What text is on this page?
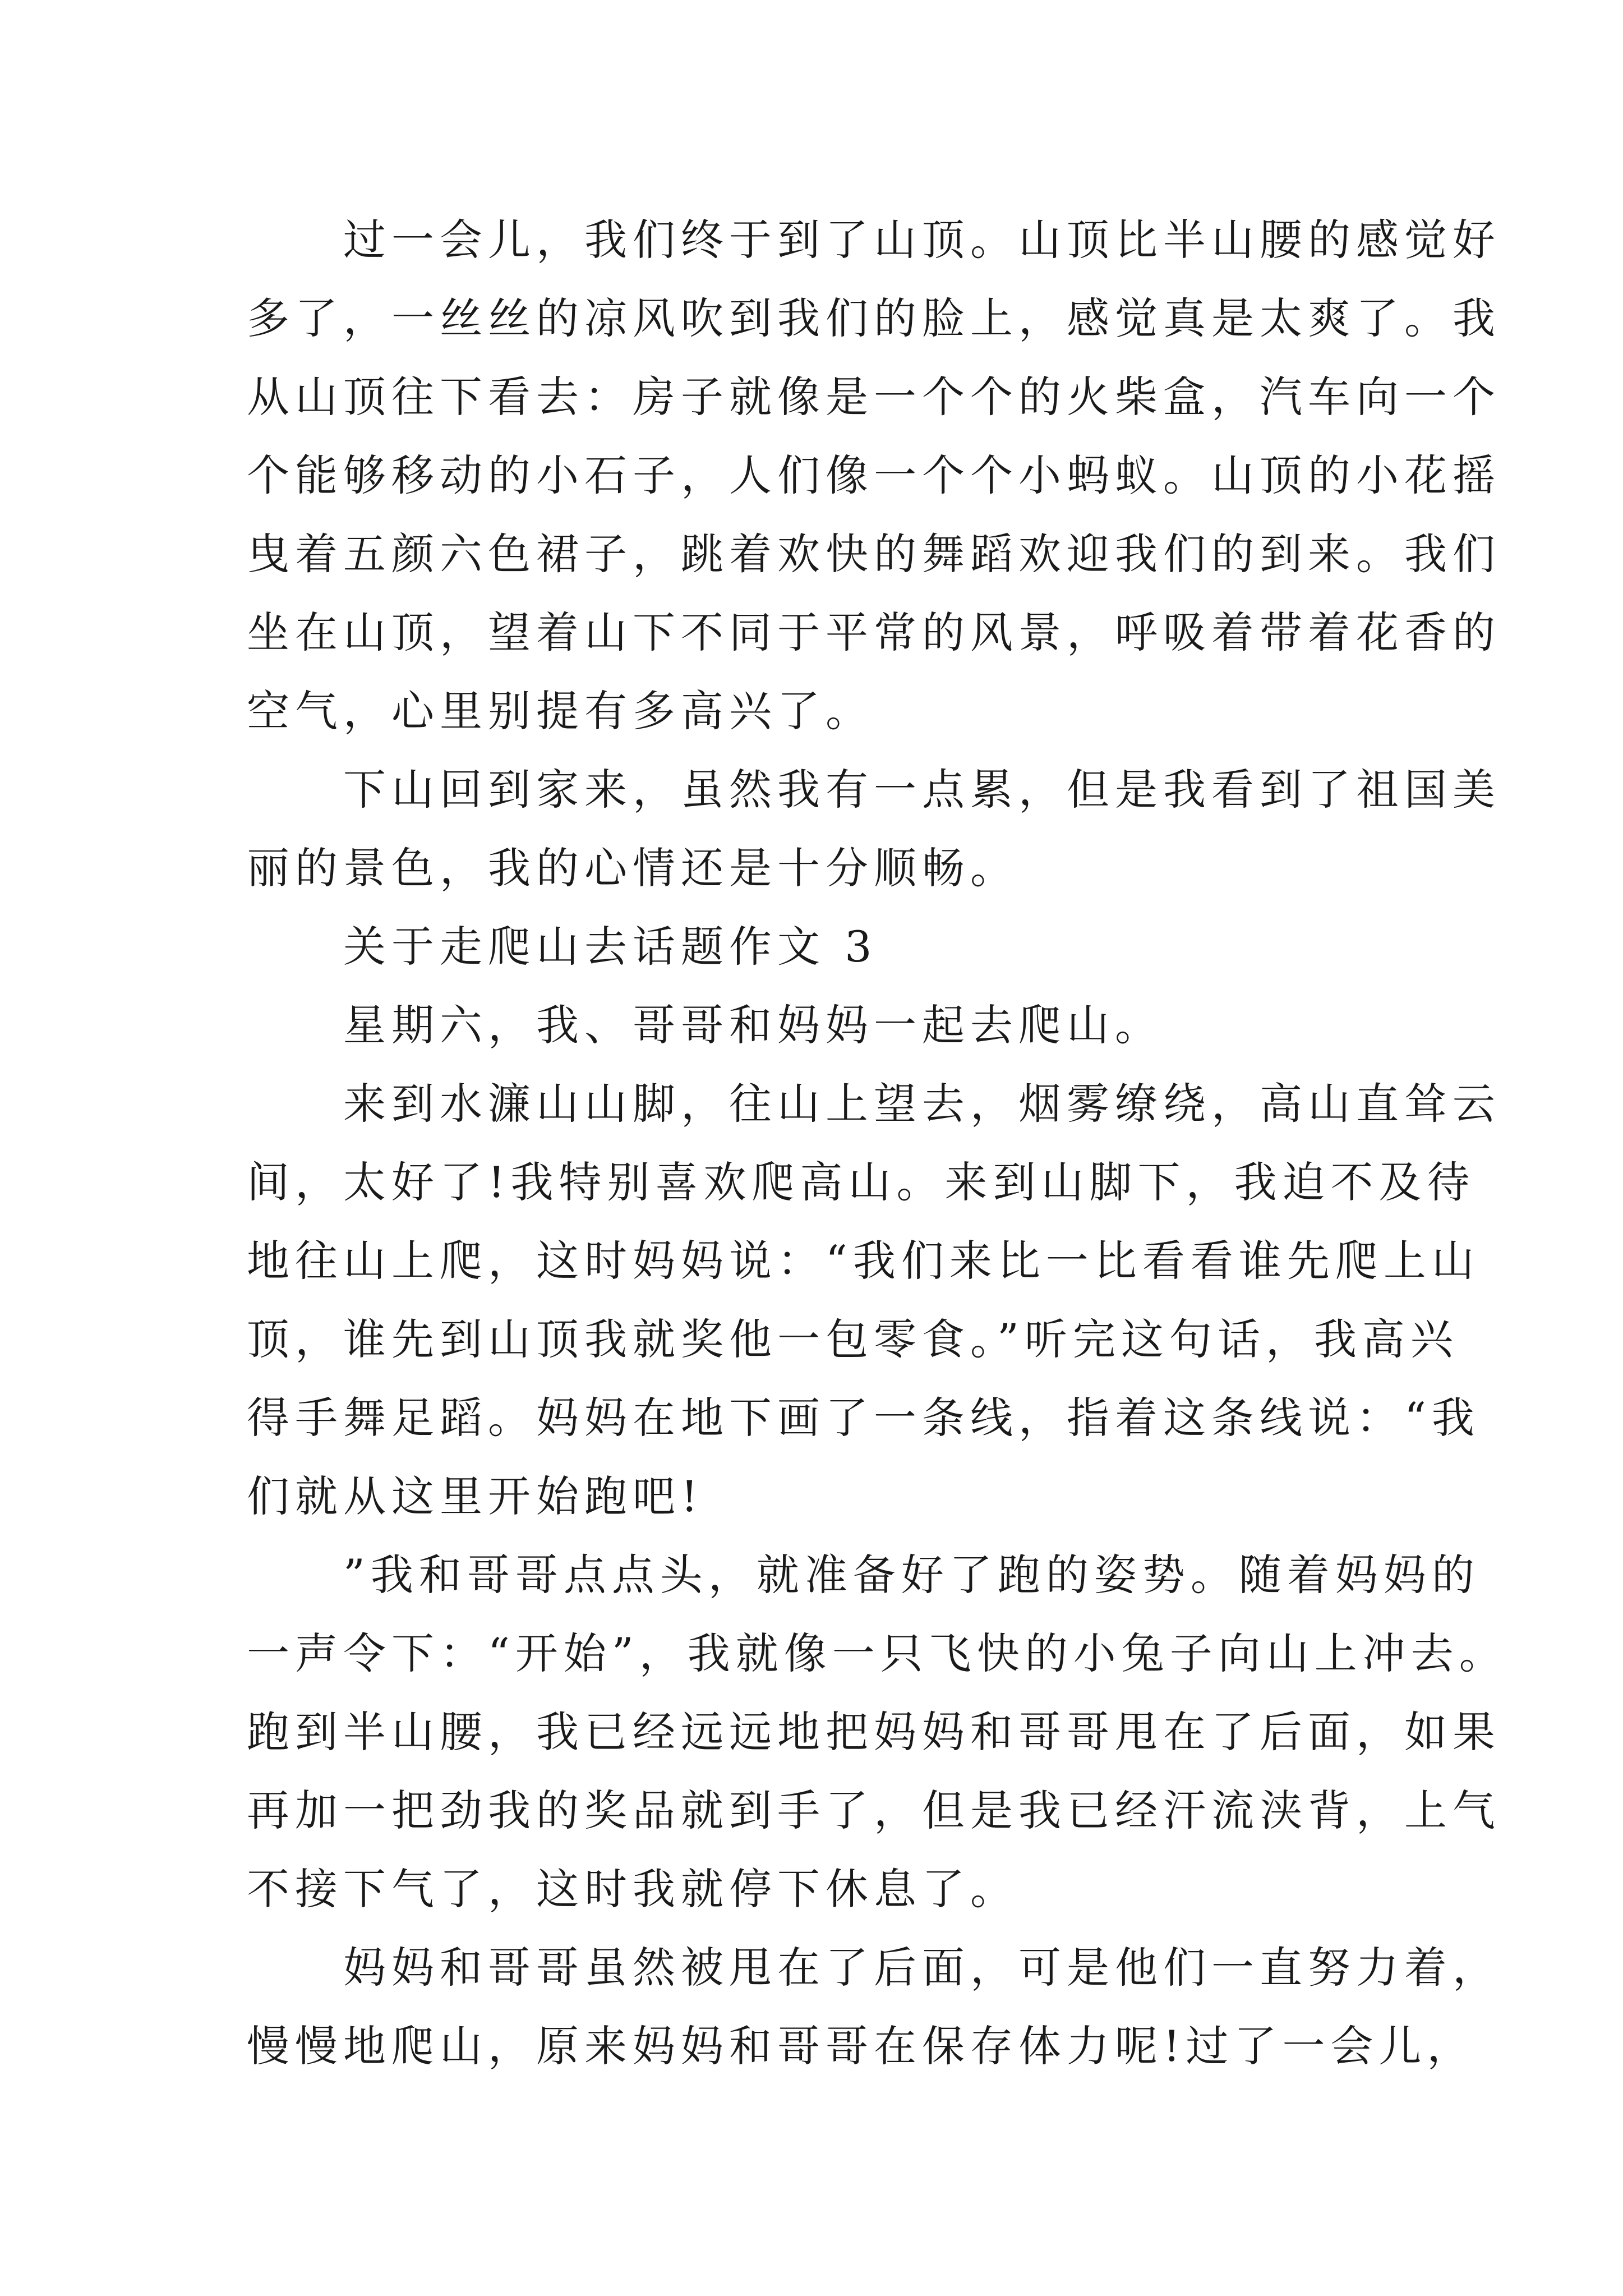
　　过一会儿，我们终于到了山顶。山顶比半山腰的感觉好

多了，一丝丝的凉风吹到我们的脸上，感觉真是太爽了。我

从山顶往下看去：房子就像是一个个的火柴盒，汽车向一个

个能够移动的小石子，人们像一个个小蚂蚁。山顶的小花摇

曳着五颜六色裙子，跳着欢快的舞蹈欢迎我们的到来。我们

坐在山顶，望着山下不同于平常的风景，呼吸着带着花香的

空气，心里别提有多高兴了。

　　下山回到家来，虽然我有一点累，但是我看到了祖国美

丽的景色，我的心情还是十分顺畅。

　　关于走爬山去话题作文 3

　　星期六，我、哥哥和妈妈一起去爬山。

　　来到水濂山山脚，往山上望去，烟雾缭绕，高山直耸云

间，太好了!我特别喜欢爬高山。来到山脚下，我迫不及待

地往山上爬，这时妈妈说：“我们来比一比看看谁先爬上山

顶，谁先到山顶我就奖他一包零食。”听完这句话，我高兴

得手舞足蹈。妈妈在地下画了一条线，指着这条线说：“我

们就从这里开始跑吧!

　　”我和哥哥点点头，就准备好了跑的姿势。随着妈妈的

一声令下：“开始”，我就像一只飞快的小兔子向山上冲去。

跑到半山腰，我已经远远地把妈妈和哥哥甩在了后面，如果

再加一把劲我的奖品就到手了，但是我已经汗流浃背，上气

不接下气了，这时我就停下休息了。

　　妈妈和哥哥虽然被甩在了后面，可是他们一直努力着，

慢慢地爬山，原来妈妈和哥哥在保存体力呢!过了一会儿，
